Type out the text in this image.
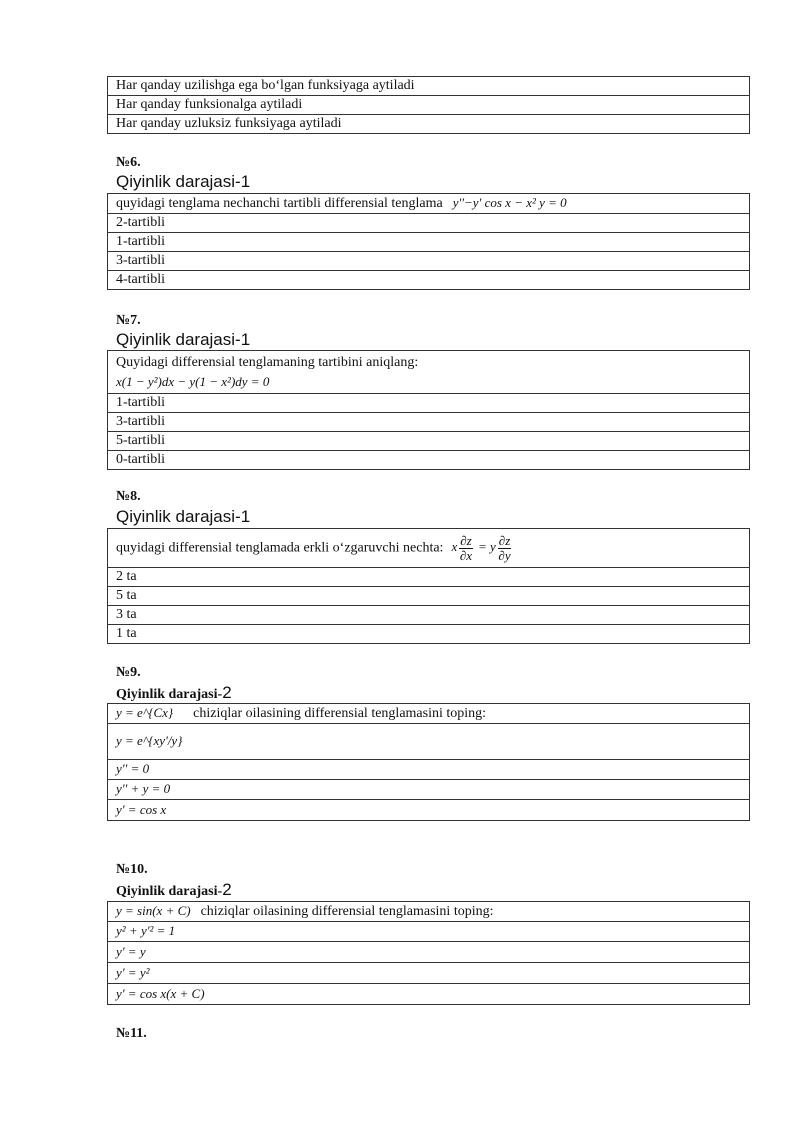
Har qanday uzilishga ega bo‘lgan funksiyaga aytiladi
Har qanday funksionalga aytiladi
Har qanday uzluksiz funksiyaga aytiladi
№6.
Qiyinlik darajasi-1
quyidagi tenglama nechanchi tartibli differensial tenglama y''−y' cos x − x² y = 0
2-tartibli
1-tartibli
3-tartibli
4-tartibli
№7.
Qiyinlik darajasi-1
Quyidagi differensial tenglamaning tartibini aniqlang:
x(1 − y²)dx − y(1 − x²)dy = 0
1-tartibli
3-tartibli
5-tartibli
0-tartibli
№8.
Qiyinlik darajasi-1
quyidagi differensial tenglamada erkli o‘zgaruvchi nechta: x $\frac{\partial z}{\partial x} = y \frac{\partial z}{\partial y}$

2 ta
5 ta
3 ta
1 ta
№9.
Qiyinlik darajasi-2
y = e^{Cx} chiziqlar oilasining differensial tenglamasini toping:
y = e^{xy'/y}
y'' = 0
y'' + y = 0
y' = cos x
№10.
Qiyinlik darajasi-2
y = sin(x + C) chiziqlar oilasining differensial tenglamasini toping:
y² + y'² = 1
y' = y
y' = y²
y' = cos x(x + C)
№11.
